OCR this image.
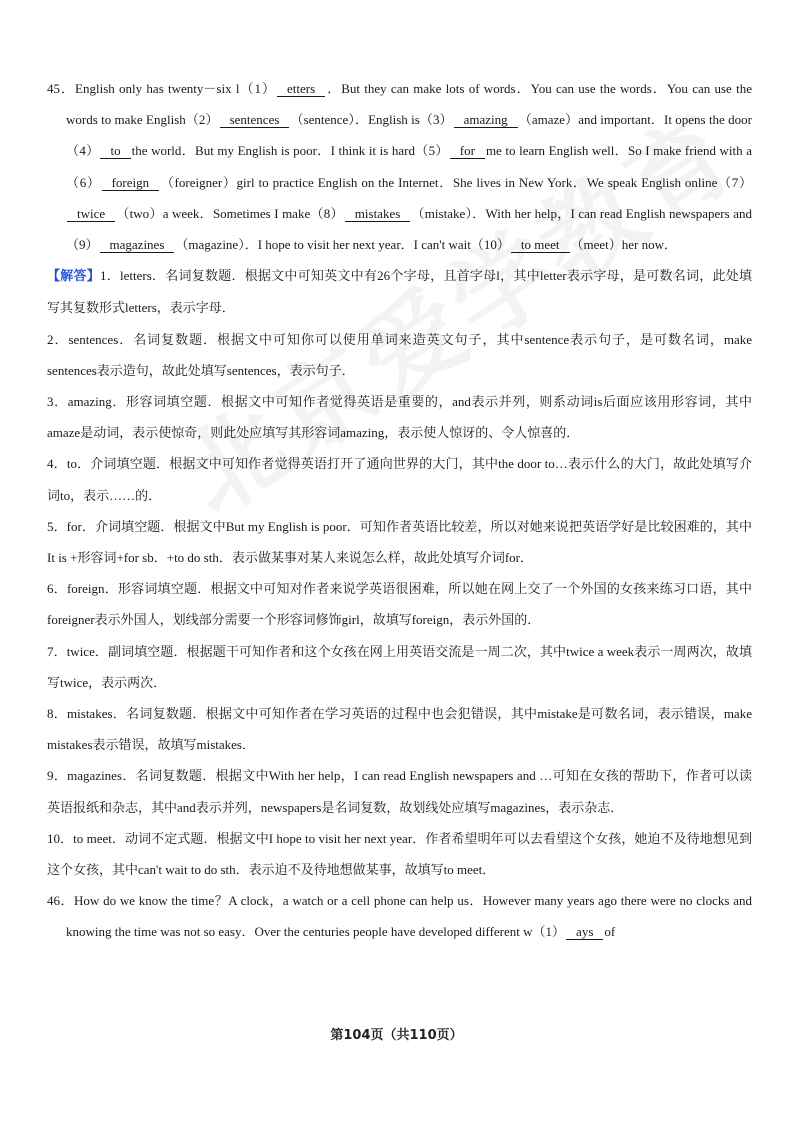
45．English only has twenty－six l（1） etters ．But they can make lots of words．You can use the words．You can use the words to make English（2） sentences （sentence）．English is（3） amazing （amaze）and important．It opens the door（4） to the world．But my English is poor．I think it is hard（5） for me to learn English well．So I make friend with a（6） foreign （foreigner）girl to practice English on the Internet．She lives in New York．We speak English online（7）twice （two）a week．Sometimes I make（8） mistakes （mistake）．With her help，I can read English newspapers and（9） magazines （magazine）．I hope to visit her next year．I can't wait（10） to meet （meet）her now．

【解答】1．letters．名词复数题．根据文中可知英文中有26个字母，且首字母l，其中letter表示字母，是可数名词，此处填写其复数形式letters，表示字母．

2．sentences．名词复数题．根据文中可知你可以使用单词来造英文句子，其中sentence表示句子，是可数名词，make sentences表示造句，故此处填写sentences，表示句子．

3．amazing．形容词填空题．根据文中可知作者觉得英语是重要的，and表示并列，则系动词is后面应该用形容词，其中amaze是动词，表示使惊奇，则此处应填写其形容词amazing，表示使人惊讶的、令人惊喜的．

4．to．介词填空题．根据文中可知作者觉得英语打开了通向世界的大门，其中the door to…表示什么的大门，故此处填写介词to，表示……的．

5．for．介词填空题．根据文中But my English is poor．可知作者英语比较差，所以对她来说把英语学好是比较困难的，其中It is +形容词+for sb．+to do sth．表示做某事对某人来说怎么样，故此处填写介词for．

6．foreign．形容词填空题．根据文中可知对作者来说学英语很困难，所以她在网上交了一个外国的女孩来练习口语，其中foreigner表示外国人，划线部分需要一个形容词修饰girl，故填写foreign，表示外国的．

7．twice．副词填空题．根据题干可知作者和这个女孩在网上用英语交流是一周二次，其中twice a week表示一周两次，故填写twice，表示两次．

8．mistakes．名词复数题．根据文中可知作者在学习英语的过程中也会犯错误，其中mistake是可数名词，表示错误，make mistakes表示错误，故填写mistakes．

9．magazines．名词复数题．根据文中With her help，I can read English newspapers and …可知在女孩的帮助下，作者可以读英语报纸和杂志，其中and表示并列，newspapers是名词复数，故划线处应填写magazines，表示杂志．

10．to meet．动词不定式题．根据文中I hope to visit her next year．作者希望明年可以去看望这个女孩，她迫不及待地想见到这个女孩，其中can't wait to do sth．表示迫不及待地想做某事，故填写to meet．

46．How do we know the time？A clock，a watch or a cell phone can help us．However many years ago there were no clocks and knowing the time was not so easy．Over the centuries people have developed different w（1） ays of

第104页（共110页）
